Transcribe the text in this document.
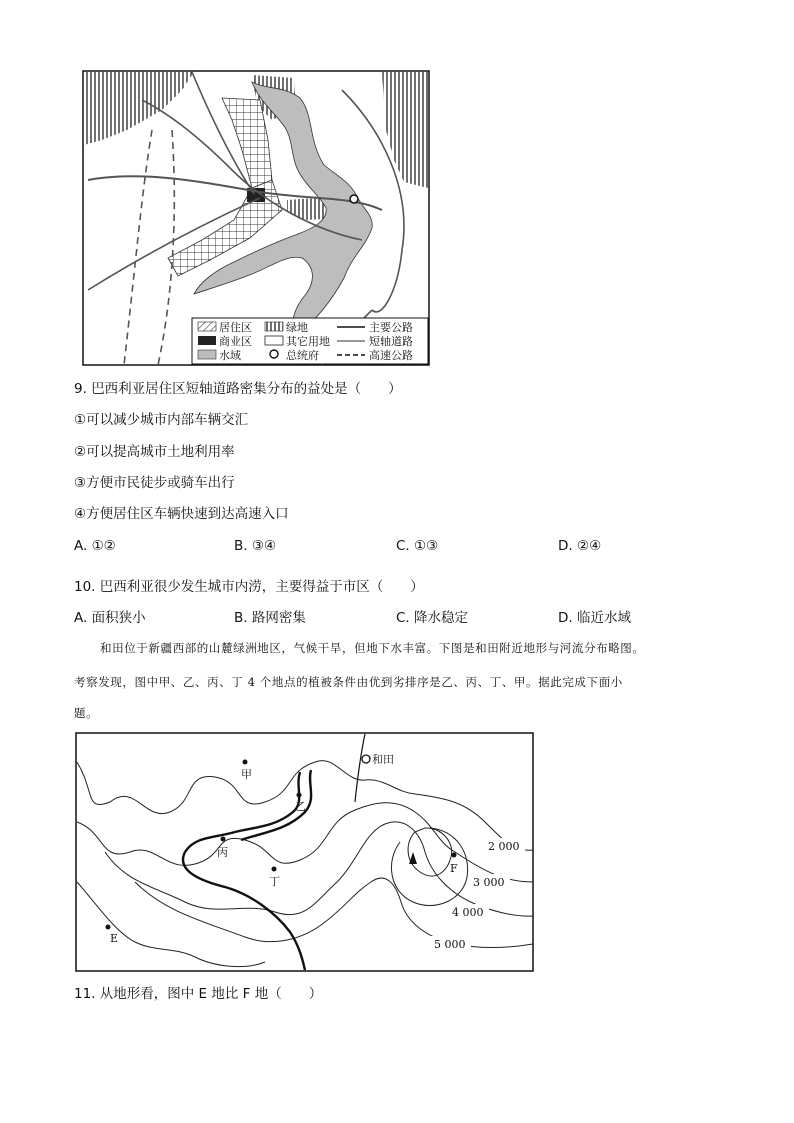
居住区	绿地	主要公路
商业区	其它用地	短轴道路
水域	总统府	高速公路
9. 巴西利亚居住区短轴道路密集分布的益处是（　　）
①可以减少城市内部车辆交汇
②可以提高城市土地利用率
③方便市民徒步或骑车出行
④方便居住区车辆快速到达高速入口
A. ①②	B. ③④	C. ①③	D. ②④
10. 巴西利亚很少发生城市内涝，主要得益于市区（　　）
A. 面积狭小	B. 路网密集	C. 降水稳定	D. 临近水域
和田位于新疆西部的山麓绿洲地区，气候干旱，但地下水丰富。下图是和田附近地形与河流分布略图。
考察发现，图中甲、乙、丙、丁 4 个地点的植被条件由优到劣排序是乙、丙、丁、甲。据此完成下面小
题。
和田
甲
乙
丙
丁
E
F
2 000
3 000
4 000
5 000
11. 从地形看，图中 E 地比 F 地（　　）
